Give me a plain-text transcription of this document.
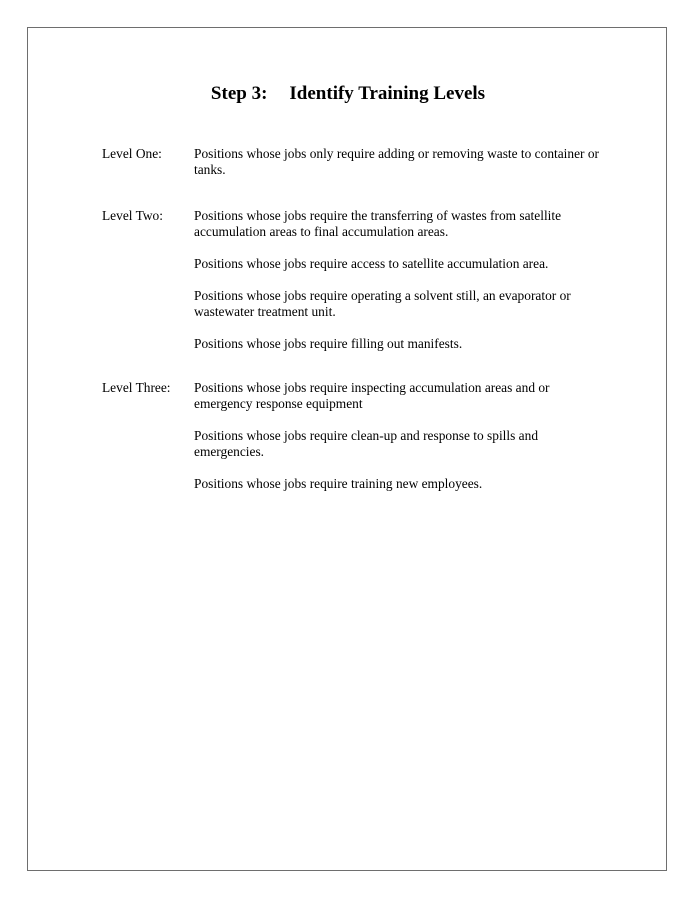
Step 3: Identify Training Levels
Level One:	Positions whose jobs only require adding or removing waste to container or tanks.
Level Two:	Positions whose jobs require the transferring of wastes from satellite accumulation areas to final accumulation areas.
Positions whose jobs require access to satellite accumulation area.
Positions whose jobs require operating a solvent still, an evaporator or wastewater treatment unit.
Positions whose jobs require filling out manifests.
Level Three:	Positions whose jobs require inspecting accumulation areas and or emergency response equipment
Positions whose jobs require clean-up and response to spills and emergencies.
Positions whose jobs require training new employees.
